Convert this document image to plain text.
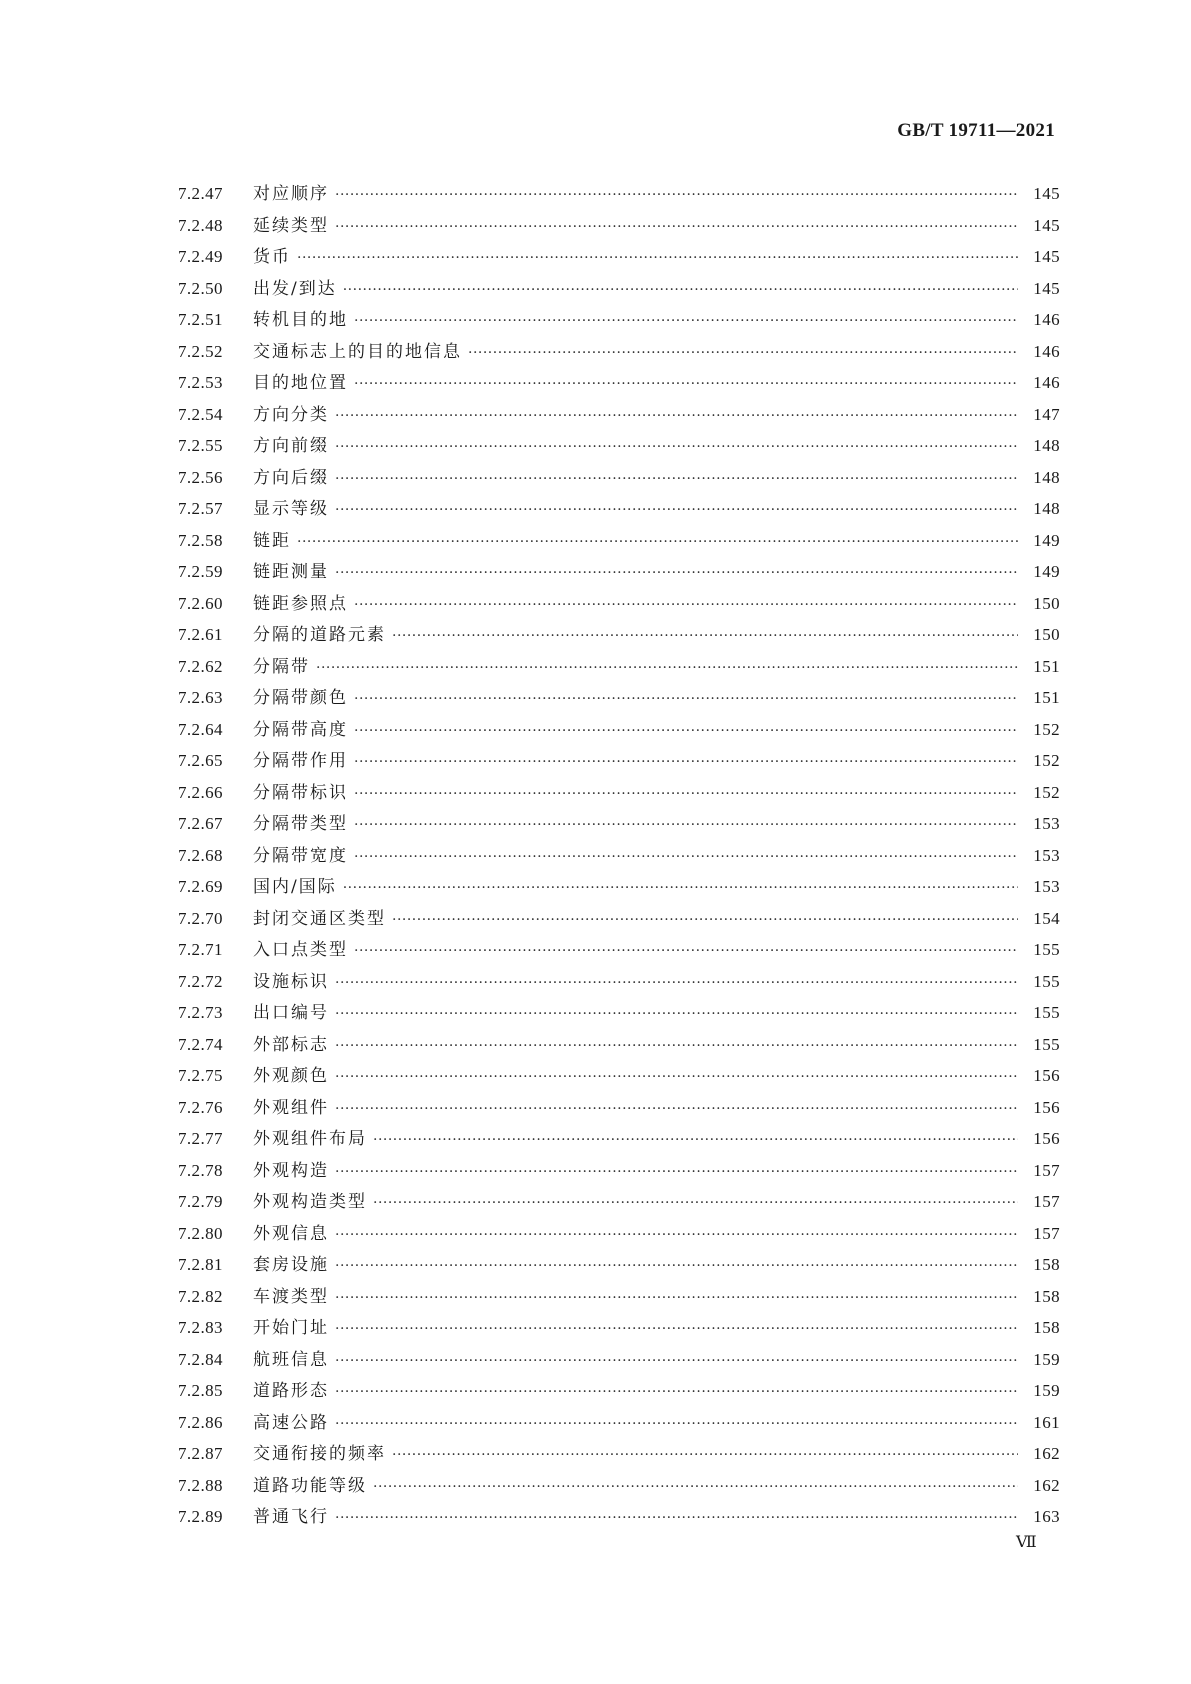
GB/T 19711—2021
7.2.47	对应顺序 ·····	145
7.2.48	延续类型 ·····	145
7.2.49	货币 ·····	145
7.2.50	出发/到达 ·····	145
7.2.51	转机目的地 ·····	146
7.2.52	交通标志上的目的地信息 ·····	146
7.2.53	目的地位置 ·····	146
7.2.54	方向分类 ·····	147
7.2.55	方向前缀 ·····	148
7.2.56	方向后缀 ·····	148
7.2.57	显示等级 ·····	148
7.2.58	链距 ·····	149
7.2.59	链距测量 ·····	149
7.2.60	链距参照点 ·····	150
7.2.61	分隔的道路元素 ·····	150
7.2.62	分隔带 ·····	151
7.2.63	分隔带颜色 ·····	151
7.2.64	分隔带高度 ·····	152
7.2.65	分隔带作用 ·····	152
7.2.66	分隔带标识 ·····	152
7.2.67	分隔带类型 ·····	153
7.2.68	分隔带宽度 ·····	153
7.2.69	国内/国际 ·····	153
7.2.70	封闭交通区类型 ·····	154
7.2.71	入口点类型 ·····	155
7.2.72	设施标识 ·····	155
7.2.73	出口编号 ·····	155
7.2.74	外部标志 ·····	155
7.2.75	外观颜色 ·····	156
7.2.76	外观组件 ·····	156
7.2.77	外观组件布局 ·····	156
7.2.78	外观构造 ·····	157
7.2.79	外观构造类型 ·····	157
7.2.80	外观信息 ·····	157
7.2.81	套房设施 ·····	158
7.2.82	车渡类型 ·····	158
7.2.83	开始门址 ·····	158
7.2.84	航班信息 ·····	159
7.2.85	道路形态 ·····	159
7.2.86	高速公路 ·····	161
7.2.87	交通衔接的频率 ·····	162
7.2.88	道路功能等级 ·····	162
7.2.89	普通飞行 ·····	163
Ⅶ
